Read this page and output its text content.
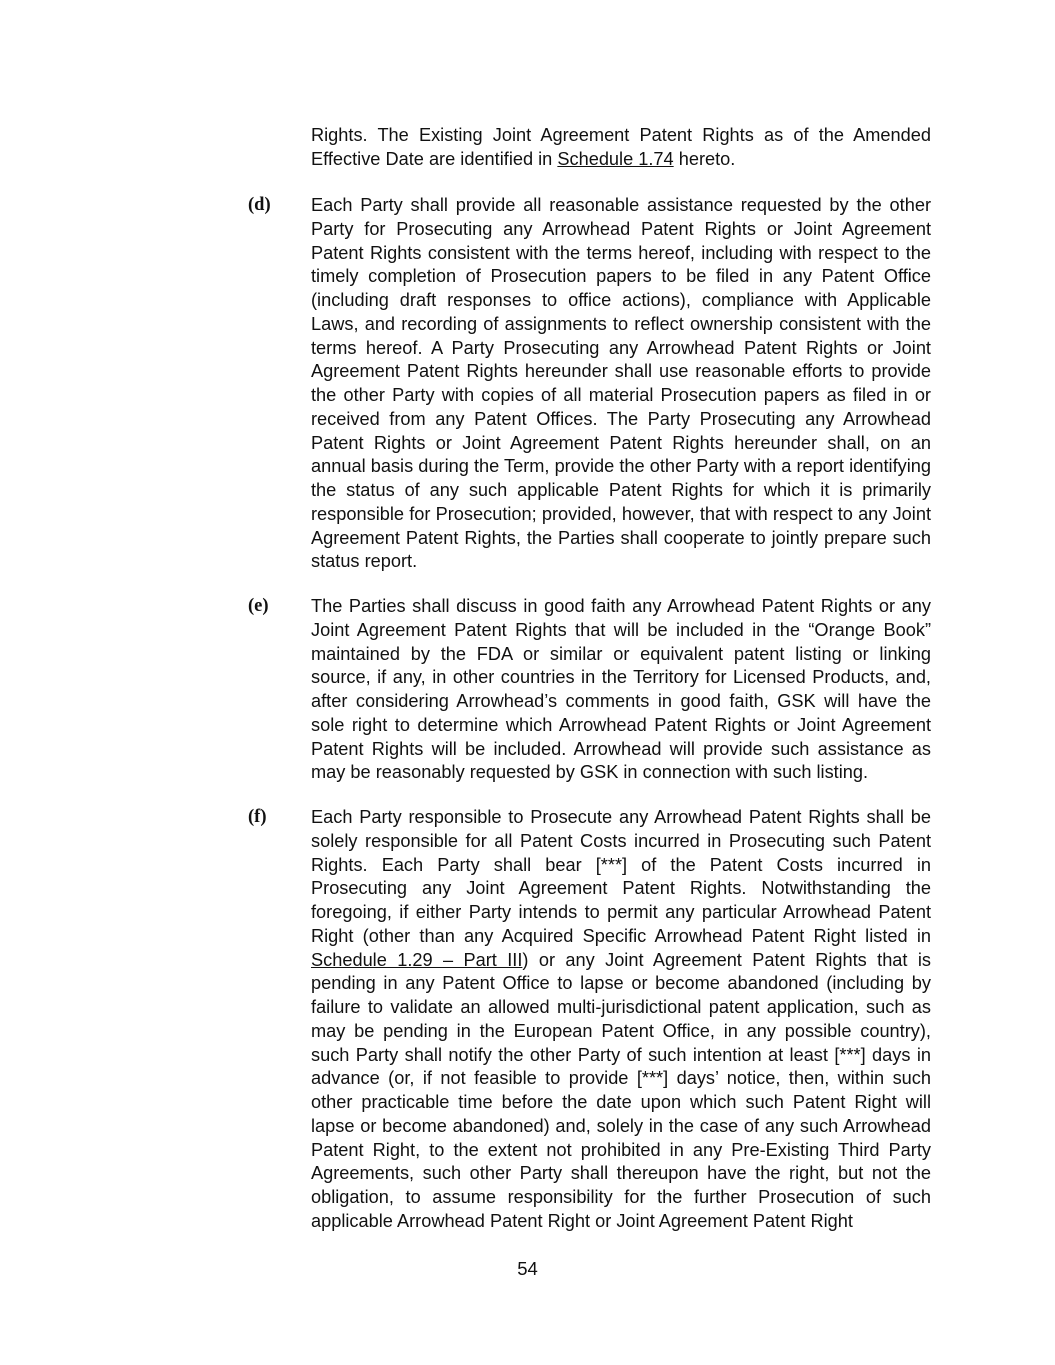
Rights. The Existing Joint Agreement Patent Rights as of the Amended Effective Date are identified in Schedule 1.74 hereto.

(d) Each Party shall provide all reasonable assistance requested by the other Party for Prosecuting any Arrowhead Patent Rights or Joint Agreement Patent Rights consistent with the terms hereof, including with respect to the timely completion of Prosecution papers to be filed in any Patent Office (including draft responses to office actions), compliance with Applicable Laws, and recording of assignments to reflect ownership consistent with the terms hereof. A Party Prosecuting any Arrowhead Patent Rights or Joint Agreement Patent Rights hereunder shall use reasonable efforts to provide the other Party with copies of all material Prosecution papers as filed in or received from any Patent Offices. The Party Prosecuting any Arrowhead Patent Rights or Joint Agreement Patent Rights hereunder shall, on an annual basis during the Term, provide the other Party with a report identifying the status of any such applicable Patent Rights for which it is primarily responsible for Prosecution; provided, however, that with respect to any Joint Agreement Patent Rights, the Parties shall cooperate to jointly prepare such status report.

(e) The Parties shall discuss in good faith any Arrowhead Patent Rights or any Joint Agreement Patent Rights that will be included in the “Orange Book” maintained by the FDA or similar or equivalent patent listing or linking source, if any, in other countries in the Territory for Licensed Products, and, after considering Arrowhead’s comments in good faith, GSK will have the sole right to determine which Arrowhead Patent Rights or Joint Agreement Patent Rights will be included. Arrowhead will provide such assistance as may be reasonably requested by GSK in connection with such listing.

(f) Each Party responsible to Prosecute any Arrowhead Patent Rights shall be solely responsible for all Patent Costs incurred in Prosecuting such Patent Rights. Each Party shall bear [***] of the Patent Costs incurred in Prosecuting any Joint Agreement Patent Rights. Notwithstanding the foregoing, if either Party intends to permit any particular Arrowhead Patent Right (other than any Acquired Specific Arrowhead Patent Right listed in Schedule 1.29 – Part III) or any Joint Agreement Patent Rights that is pending in any Patent Office to lapse or become abandoned (including by failure to validate an allowed multi-jurisdictional patent application, such as may be pending in the European Patent Office, in any possible country), such Party shall notify the other Party of such intention at least [***] days in advance (or, if not feasible to provide [***] days’ notice, then, within such other practicable time before the date upon which such Patent Right will lapse or become abandoned) and, solely in the case of any such Arrowhead Patent Right, to the extent not prohibited in any Pre-Existing Third Party Agreements, such other Party shall thereupon have the right, but not the obligation, to assume responsibility for the further Prosecution of such applicable Arrowhead Patent Right or Joint Agreement Patent Right

54
